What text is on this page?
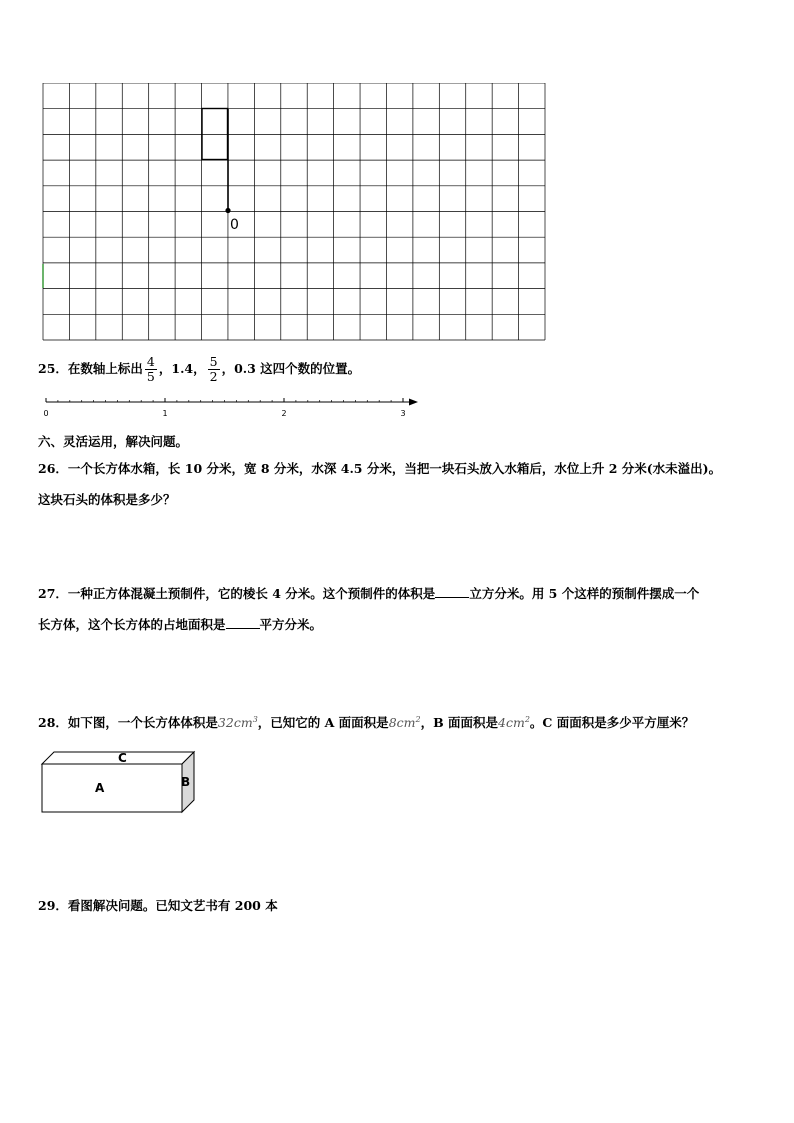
0
25．在数轴上标出 $\frac{4}{5}$ ，1.4， $\frac{5}{2}$ ，0.3 这四个数的位置。
0	1	2	3
六、灵活运用，解决问题。
26．一个长方体水箱，长 10 分米，宽 8 分米，水深 4.5 分米，当把一块石头放入水箱后，水位上升 2 分米(水未溢出)。
这块石头的体积是多少？
27．一种正方体混凝土预制件，它的棱长 4 分米。这个预制件的体积是	立方分米。用 5 个这样的预制件摆成一个
长方体，这个长方体的占地面积是	平方分米。
28．如下图，一个长方体体积是$32cm^3$，已知它的 A 面面积是$8cm^2$，B 面面积是$4cm^2$。C 面面积是多少平方厘米？
C
A	B
29．看图解决问题。已知文艺书有 200 本
